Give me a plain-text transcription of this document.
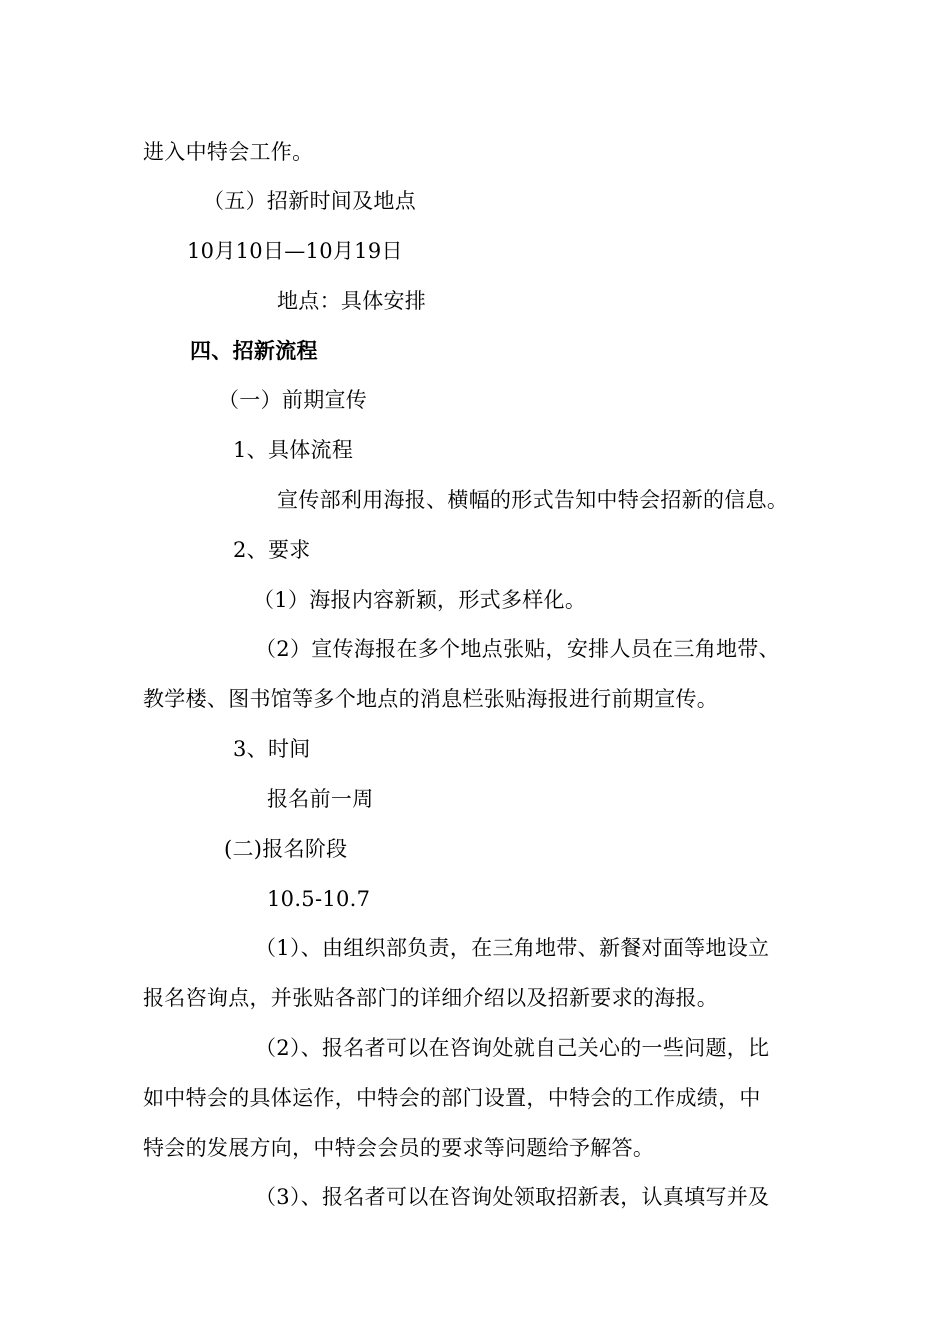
进入中特会工作。
（五）招新时间及地点
10月10日—10月19日
地点：具体安排
四、招新流程
（一）前期宣传
1、具体流程
宣传部利用海报、横幅的形式告知中特会招新的信息。
2、要求
（1）海报内容新颖，形式多样化。
（2）宣传海报在多个地点张贴，安排人员在三角地带、
教学楼、图书馆等多个地点的消息栏张贴海报进行前期宣传。
3、时间
报名前一周
(二)报名阶段
10.5-10.7
（1）、由组织部负责，在三角地带、新餐对面等地设立
报名咨询点，并张贴各部门的详细介绍以及招新要求的海报。
（2）、报名者可以在咨询处就自己关心的一些问题，比
如中特会的具体运作，中特会的部门设置，中特会的工作成绩，中
特会的发展方向，中特会会员的要求等问题给予解答。
（3）、报名者可以在咨询处领取招新表，认真填写并及
